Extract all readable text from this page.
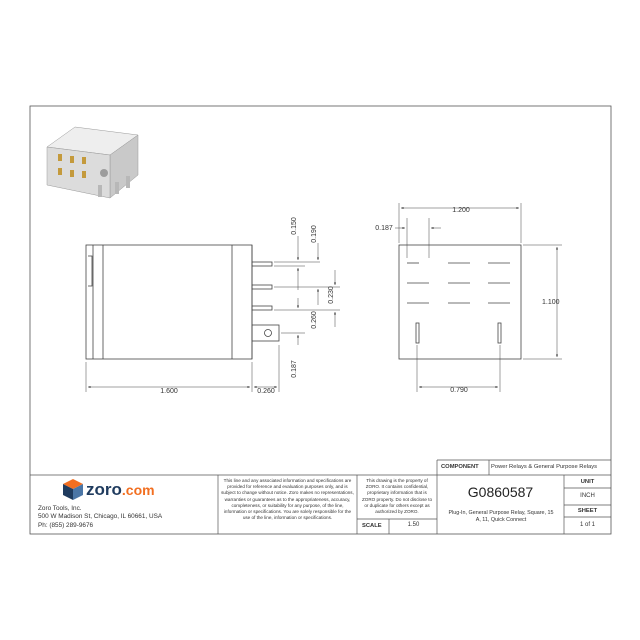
1.600	0.260
0.150 0.190
0.230
0.260
0.187
1.200
0.187
1.100
0.790
zoro.com
Zoro Tools, Inc.
500 W Madison St, Chicago, IL 60661, USA
Ph: (855) 289-9676
This line and any associated information and specifications are provided for reference and evaluation purposes only, and is subject to change without notice. Zoro makes no representations, warranties or guarantees as to the appropriateness, accuracy, completeness, or suitability for any purpose, of the line, information or specifications. You are solely responsible for the use of the line, information or specifications.
This drawing is the property of ZORO. It contains confidential, proprietary information that is ZORO property. Do not disclose to or duplicate for others except as authorized by ZORO.
SCALE	1.50
COMPONENT Power Relays & General Purpose Relays
G0860587
Plug-In, General Purpose Relay, Square, 15 A, 11, Quick Connect
UNIT
INCH
SHEET
1 of 1
